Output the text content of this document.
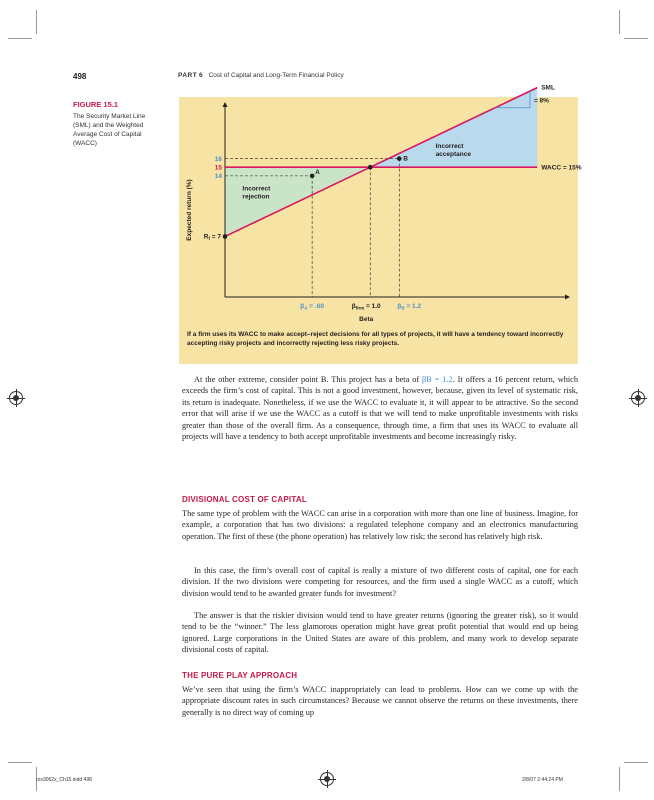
498	PART 6 Cost of Capital and Long-Term Financial Policy
FIGURE 15.1
The Security Market Line (SML) and the Weighted Average Cost of Capital (WACC)
A
B
16
15
14
$R_f = 7$
Expected return (%)
$\beta_A = .60$	$\beta_{firm} = 1.0$	$\beta_B = 1.2$
Beta
= 8%
SML
WACC = 15%
Incorrect
acceptance
Incorrect
rejection
If a firm uses its WACC to make accept–reject decisions for all types of projects, it will have a tendency toward incorrectly accepting risky projects and incorrectly rejecting less risky projects.

At the other extreme, consider point B. This project has a beta of βB = 1.2. It offers a 16 percent return, which exceeds the firm’s cost of capital. This is not a good investment, however, because, given its level of systematic risk, its return is inadequate. Nonetheless, if we use the WACC to evaluate it, it will appear to be attractive. So the second error that will arise if we use the WACC as a cutoff is that we will tend to make unprofitable investments with risks greater than those of the overall firm. As a consequence, through time, a firm that uses its WACC to evaluate all projects will have a tendency to both accept unprofitable investments and become increasingly risky.

DIVISIONAL COST OF CAPITAL

The same type of problem with the WACC can arise in a corporation with more than one line of business. Imagine, for example, a corporation that has two divisions: a regulated telephone company and an electronics manufacturing operation. The first of these (the phone operation) has relatively low risk; the second has relatively high risk.

In this case, the firm’s overall cost of capital is really a mixture of two different costs of capital, one for each division. If the two divisions were competing for resources, and the firm used a single WACC as a cutoff, which division would tend to be awarded greater funds for investment?

The answer is that the riskier division would tend to have greater returns (ignoring the greater risk), so it would tend to be the “winner.” The less glamorous operation might have great profit potential that would end up being ignored. Large corporations in the United States are aware of this problem, and many work to develop separate divisional costs of capital.

THE PURE PLAY APPROACH

We’ve seen that using the firm’s WACC inappropriately can lead to problems. How can we come up with the appropriate discount rates in such circumstances? Because we cannot observe the returns on these investments, there generally is no direct way of coming up

ros3062x_Ch15.indd 498	2/8/07 2:44:24 PM
